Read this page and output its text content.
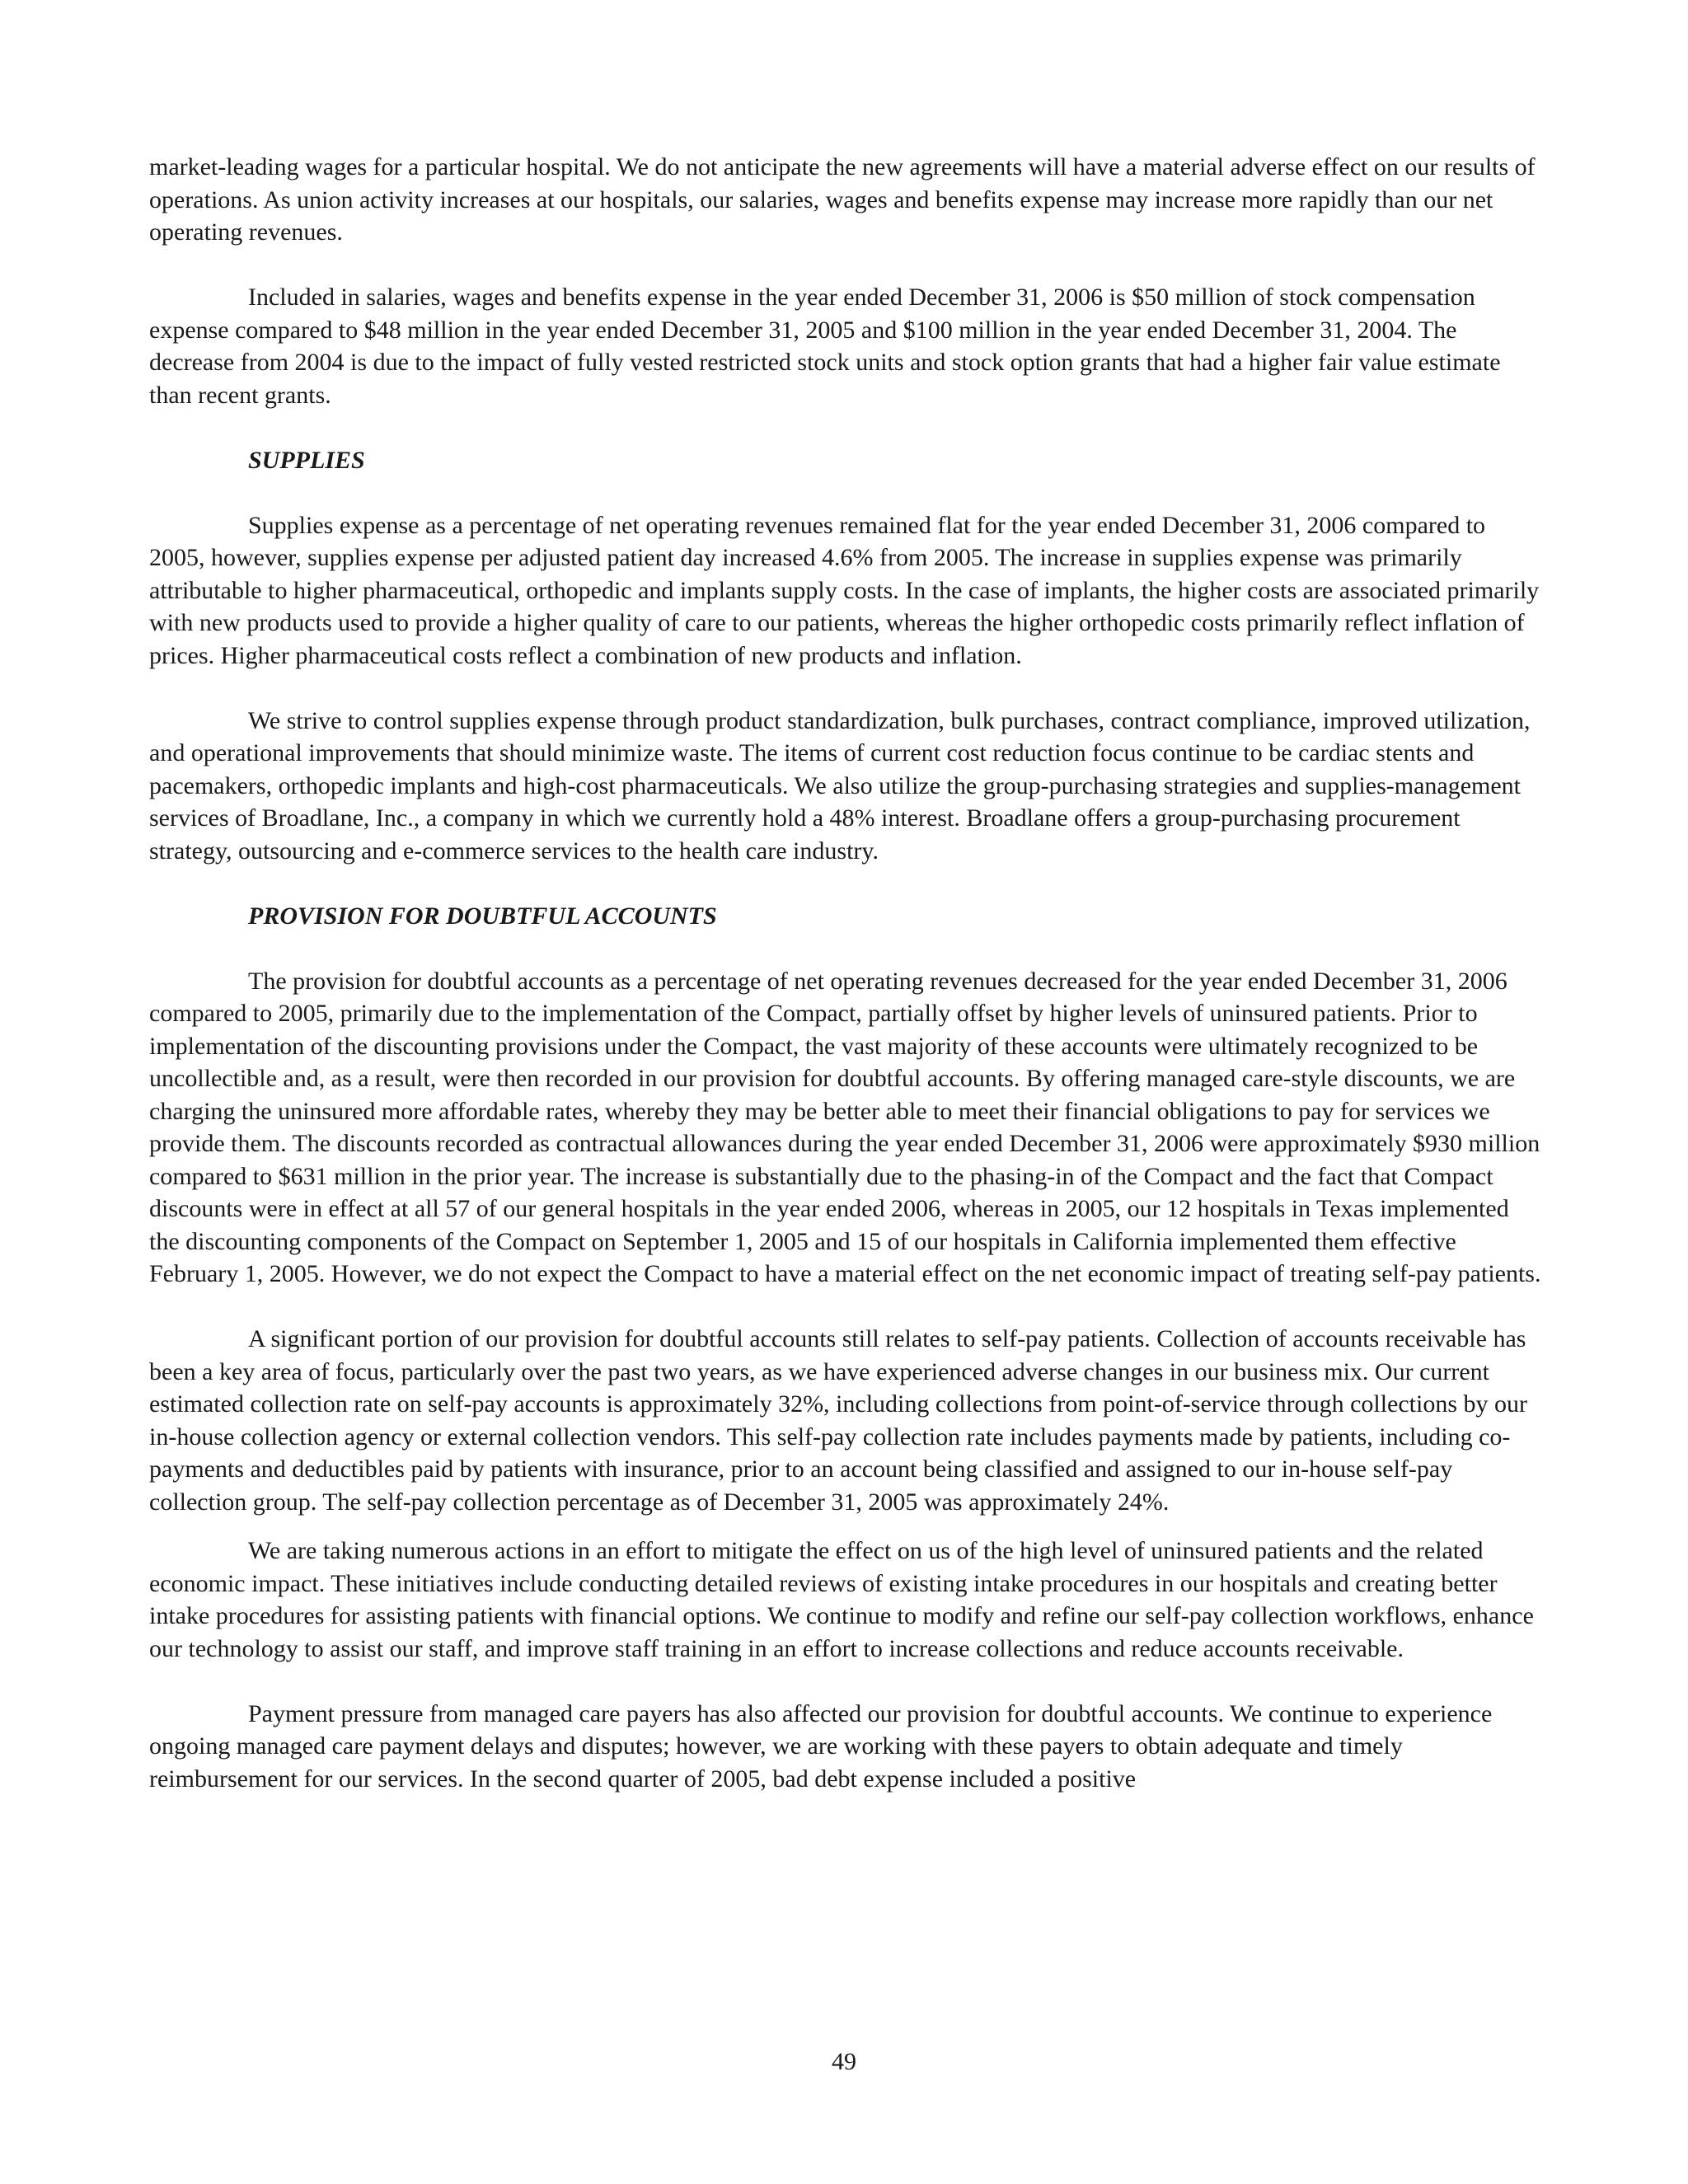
market-leading wages for a particular hospital. We do not anticipate the new agreements will have a material adverse effect on our results of operations. As union activity increases at our hospitals, our salaries, wages and benefits expense may increase more rapidly than our net operating revenues.

Included in salaries, wages and benefits expense in the year ended December 31, 2006 is $50 million of stock compensation expense compared to $48 million in the year ended December 31, 2005 and $100 million in the year ended December 31, 2004. The decrease from 2004 is due to the impact of fully vested restricted stock units and stock option grants that had a higher fair value estimate than recent grants.

SUPPLIES

Supplies expense as a percentage of net operating revenues remained flat for the year ended December 31, 2006 compared to 2005, however, supplies expense per adjusted patient day increased 4.6% from 2005. The increase in supplies expense was primarily attributable to higher pharmaceutical, orthopedic and implants supply costs. In the case of implants, the higher costs are associated primarily with new products used to provide a higher quality of care to our patients, whereas the higher orthopedic costs primarily reflect inflation of prices. Higher pharmaceutical costs reflect a combination of new products and inflation.

We strive to control supplies expense through product standardization, bulk purchases, contract compliance, improved utilization, and operational improvements that should minimize waste. The items of current cost reduction focus continue to be cardiac stents and pacemakers, orthopedic implants and high-cost pharmaceuticals. We also utilize the group-purchasing strategies and supplies-management services of Broadlane, Inc., a company in which we currently hold a 48% interest. Broadlane offers a group-purchasing procurement strategy, outsourcing and e-commerce services to the health care industry.

PROVISION FOR DOUBTFUL ACCOUNTS

The provision for doubtful accounts as a percentage of net operating revenues decreased for the year ended December 31, 2006 compared to 2005, primarily due to the implementation of the Compact, partially offset by higher levels of uninsured patients. Prior to implementation of the discounting provisions under the Compact, the vast majority of these accounts were ultimately recognized to be uncollectible and, as a result, were then recorded in our provision for doubtful accounts. By offering managed care-style discounts, we are charging the uninsured more affordable rates, whereby they may be better able to meet their financial obligations to pay for services we provide them. The discounts recorded as contractual allowances during the year ended December 31, 2006 were approximately $930 million compared to $631 million in the prior year. The increase is substantially due to the phasing-in of the Compact and the fact that Compact discounts were in effect at all 57 of our general hospitals in the year ended 2006, whereas in 2005, our 12 hospitals in Texas implemented the discounting components of the Compact on September 1, 2005 and 15 of our hospitals in California implemented them effective February 1, 2005. However, we do not expect the Compact to have a material effect on the net economic impact of treating self-pay patients.

A significant portion of our provision for doubtful accounts still relates to self-pay patients. Collection of accounts receivable has been a key area of focus, particularly over the past two years, as we have experienced adverse changes in our business mix. Our current estimated collection rate on self-pay accounts is approximately 32%, including collections from point-of-service through collections by our in-house collection agency or external collection vendors. This self-pay collection rate includes payments made by patients, including co-payments and deductibles paid by patients with insurance, prior to an account being classified and assigned to our in-house self-pay collection group. The self-pay collection percentage as of December 31, 2005 was approximately 24%.

We are taking numerous actions in an effort to mitigate the effect on us of the high level of uninsured patients and the related economic impact. These initiatives include conducting detailed reviews of existing intake procedures in our hospitals and creating better intake procedures for assisting patients with financial options. We continue to modify and refine our self-pay collection workflows, enhance our technology to assist our staff, and improve staff training in an effort to increase collections and reduce accounts receivable.

Payment pressure from managed care payers has also affected our provision for doubtful accounts. We continue to experience ongoing managed care payment delays and disputes; however, we are working with these payers to obtain adequate and timely reimbursement for our services. In the second quarter of 2005, bad debt expense included a positive

49
